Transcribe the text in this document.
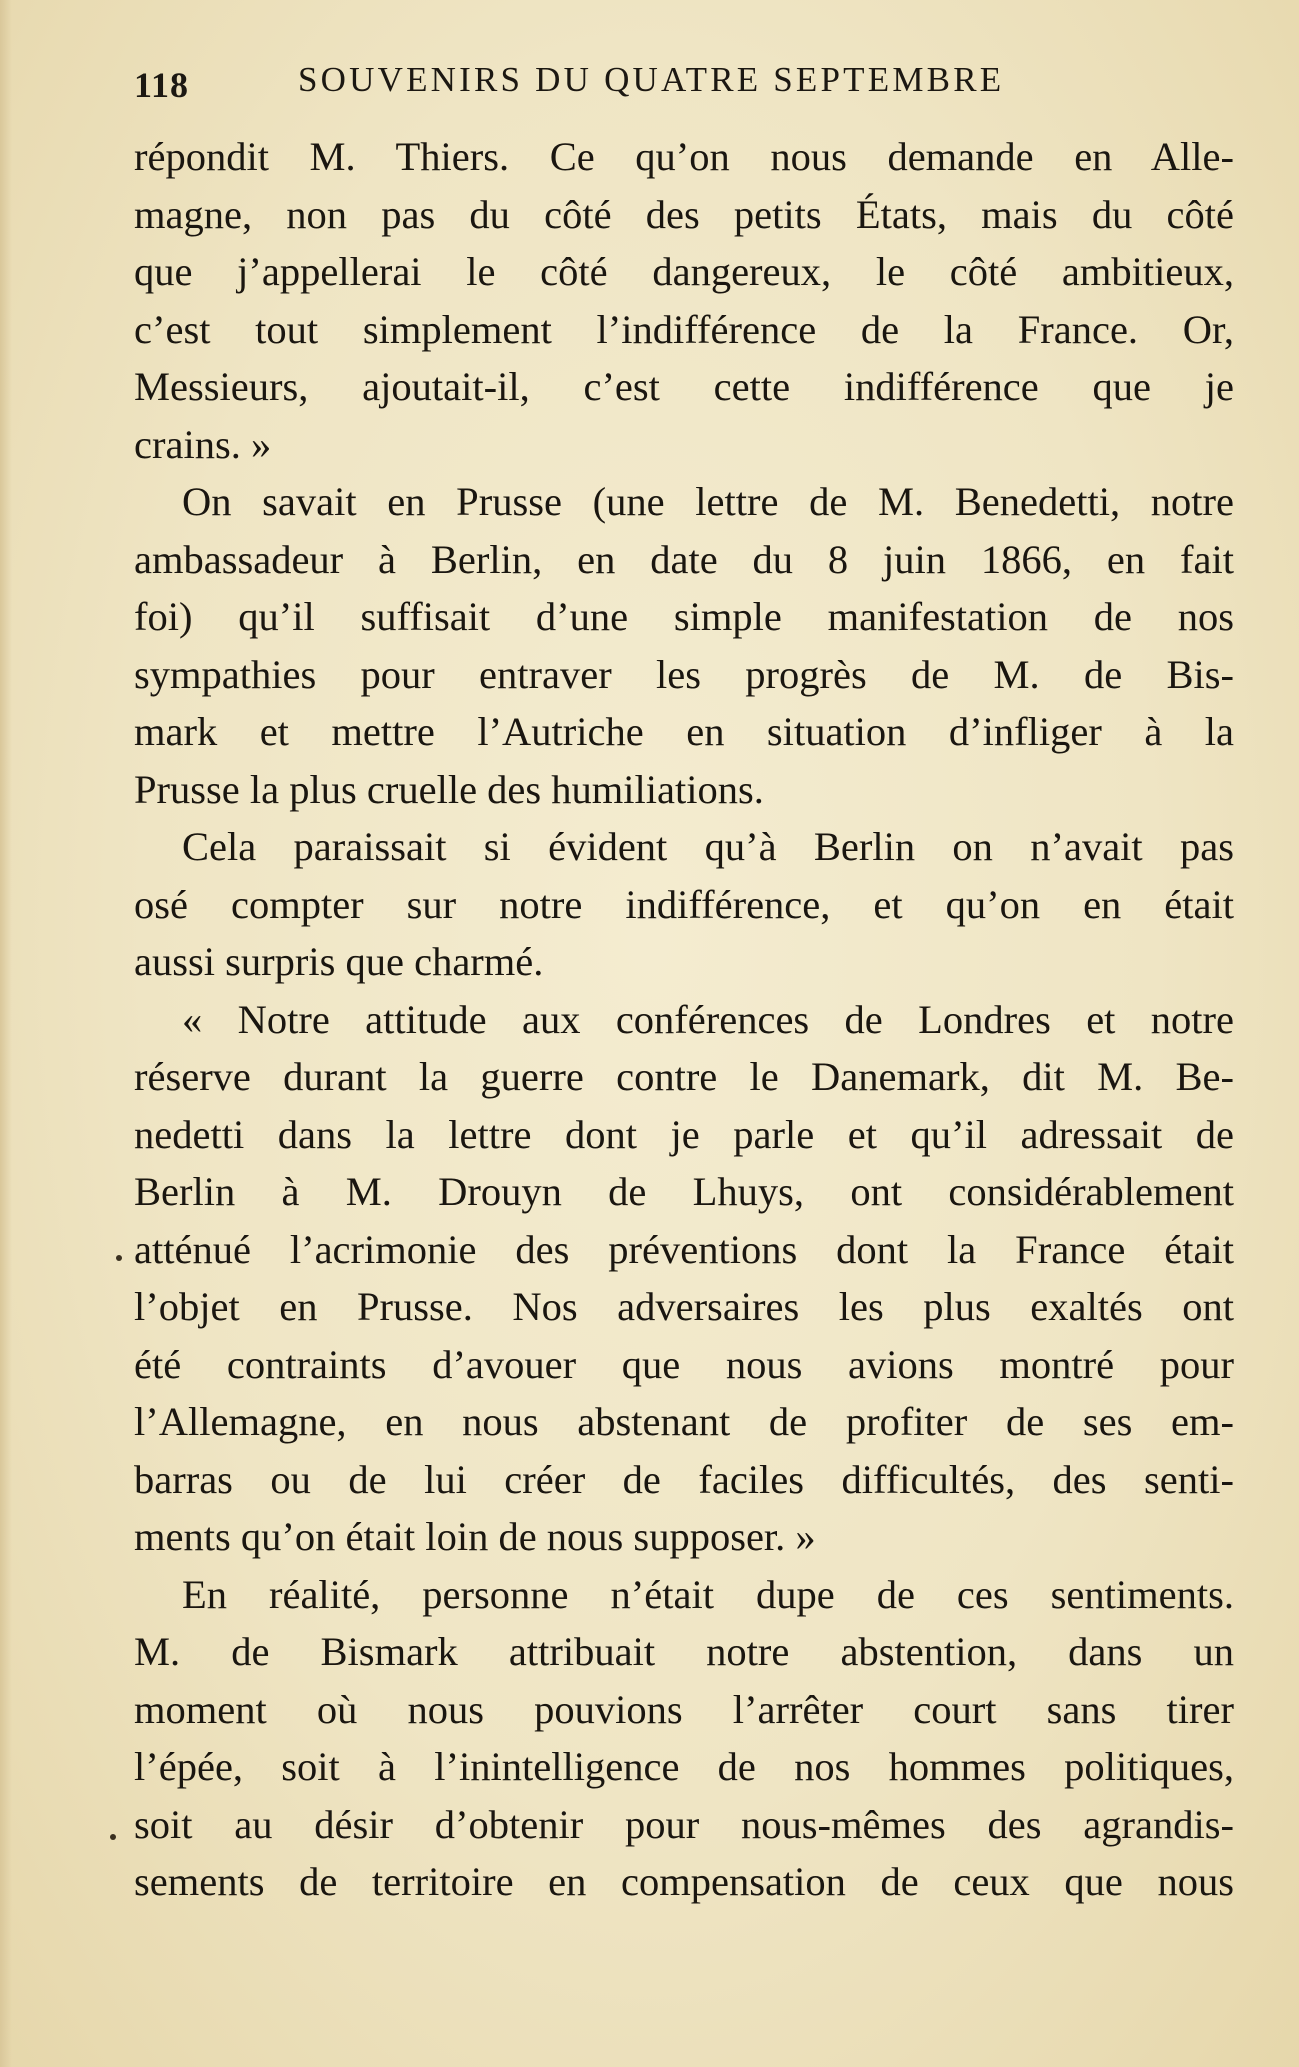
118	SOUVENIRS DU QUATRE SEPTEMBRE
répondit M. Thiers. Ce qu’on nous demande en Alle-
magne, non pas du côté des petits États, mais du côté
que j’appellerai le côté dangereux, le côté ambitieux,
c’est tout simplement l’indifférence de la France. Or,
Messieurs, ajoutait-il, c’est cette indifférence que je
crains. »
On savait en Prusse (une lettre de M. Benedetti, notre
ambassadeur à Berlin, en date du 8 juin 1866, en fait
foi) qu’il suffisait d’une simple manifestation de nos
sympathies pour entraver les progrès de M. de Bis-
mark et mettre l’Autriche en situation d’infliger à la
Prusse la plus cruelle des humiliations.
Cela paraissait si évident qu’à Berlin on n’avait pas
osé compter sur notre indifférence, et qu’on en était
aussi surpris que charmé.
« Notre attitude aux conférences de Londres et notre
réserve durant la guerre contre le Danemark, dit M. Be-
nedetti dans la lettre dont je parle et qu’il adressait de
Berlin à M. Drouyn de Lhuys, ont considérablement
atténué l’acrimonie des préventions dont la France était
l’objet en Prusse. Nos adversaires les plus exaltés ont
été contraints d’avouer que nous avions montré pour
l’Allemagne, en nous abstenant de profiter de ses em-
barras ou de lui créer de faciles difficultés, des senti-
ments qu’on était loin de nous supposer. »
En réalité, personne n’était dupe de ces sentiments.
M. de Bismark attribuait notre abstention, dans un
moment où nous pouvions l’arrêter court sans tirer
l’épée, soit à l’inintelligence de nos hommes politiques,
soit au désir d’obtenir pour nous-mêmes des agrandis-
sements de territoire en compensation de ceux que nous
